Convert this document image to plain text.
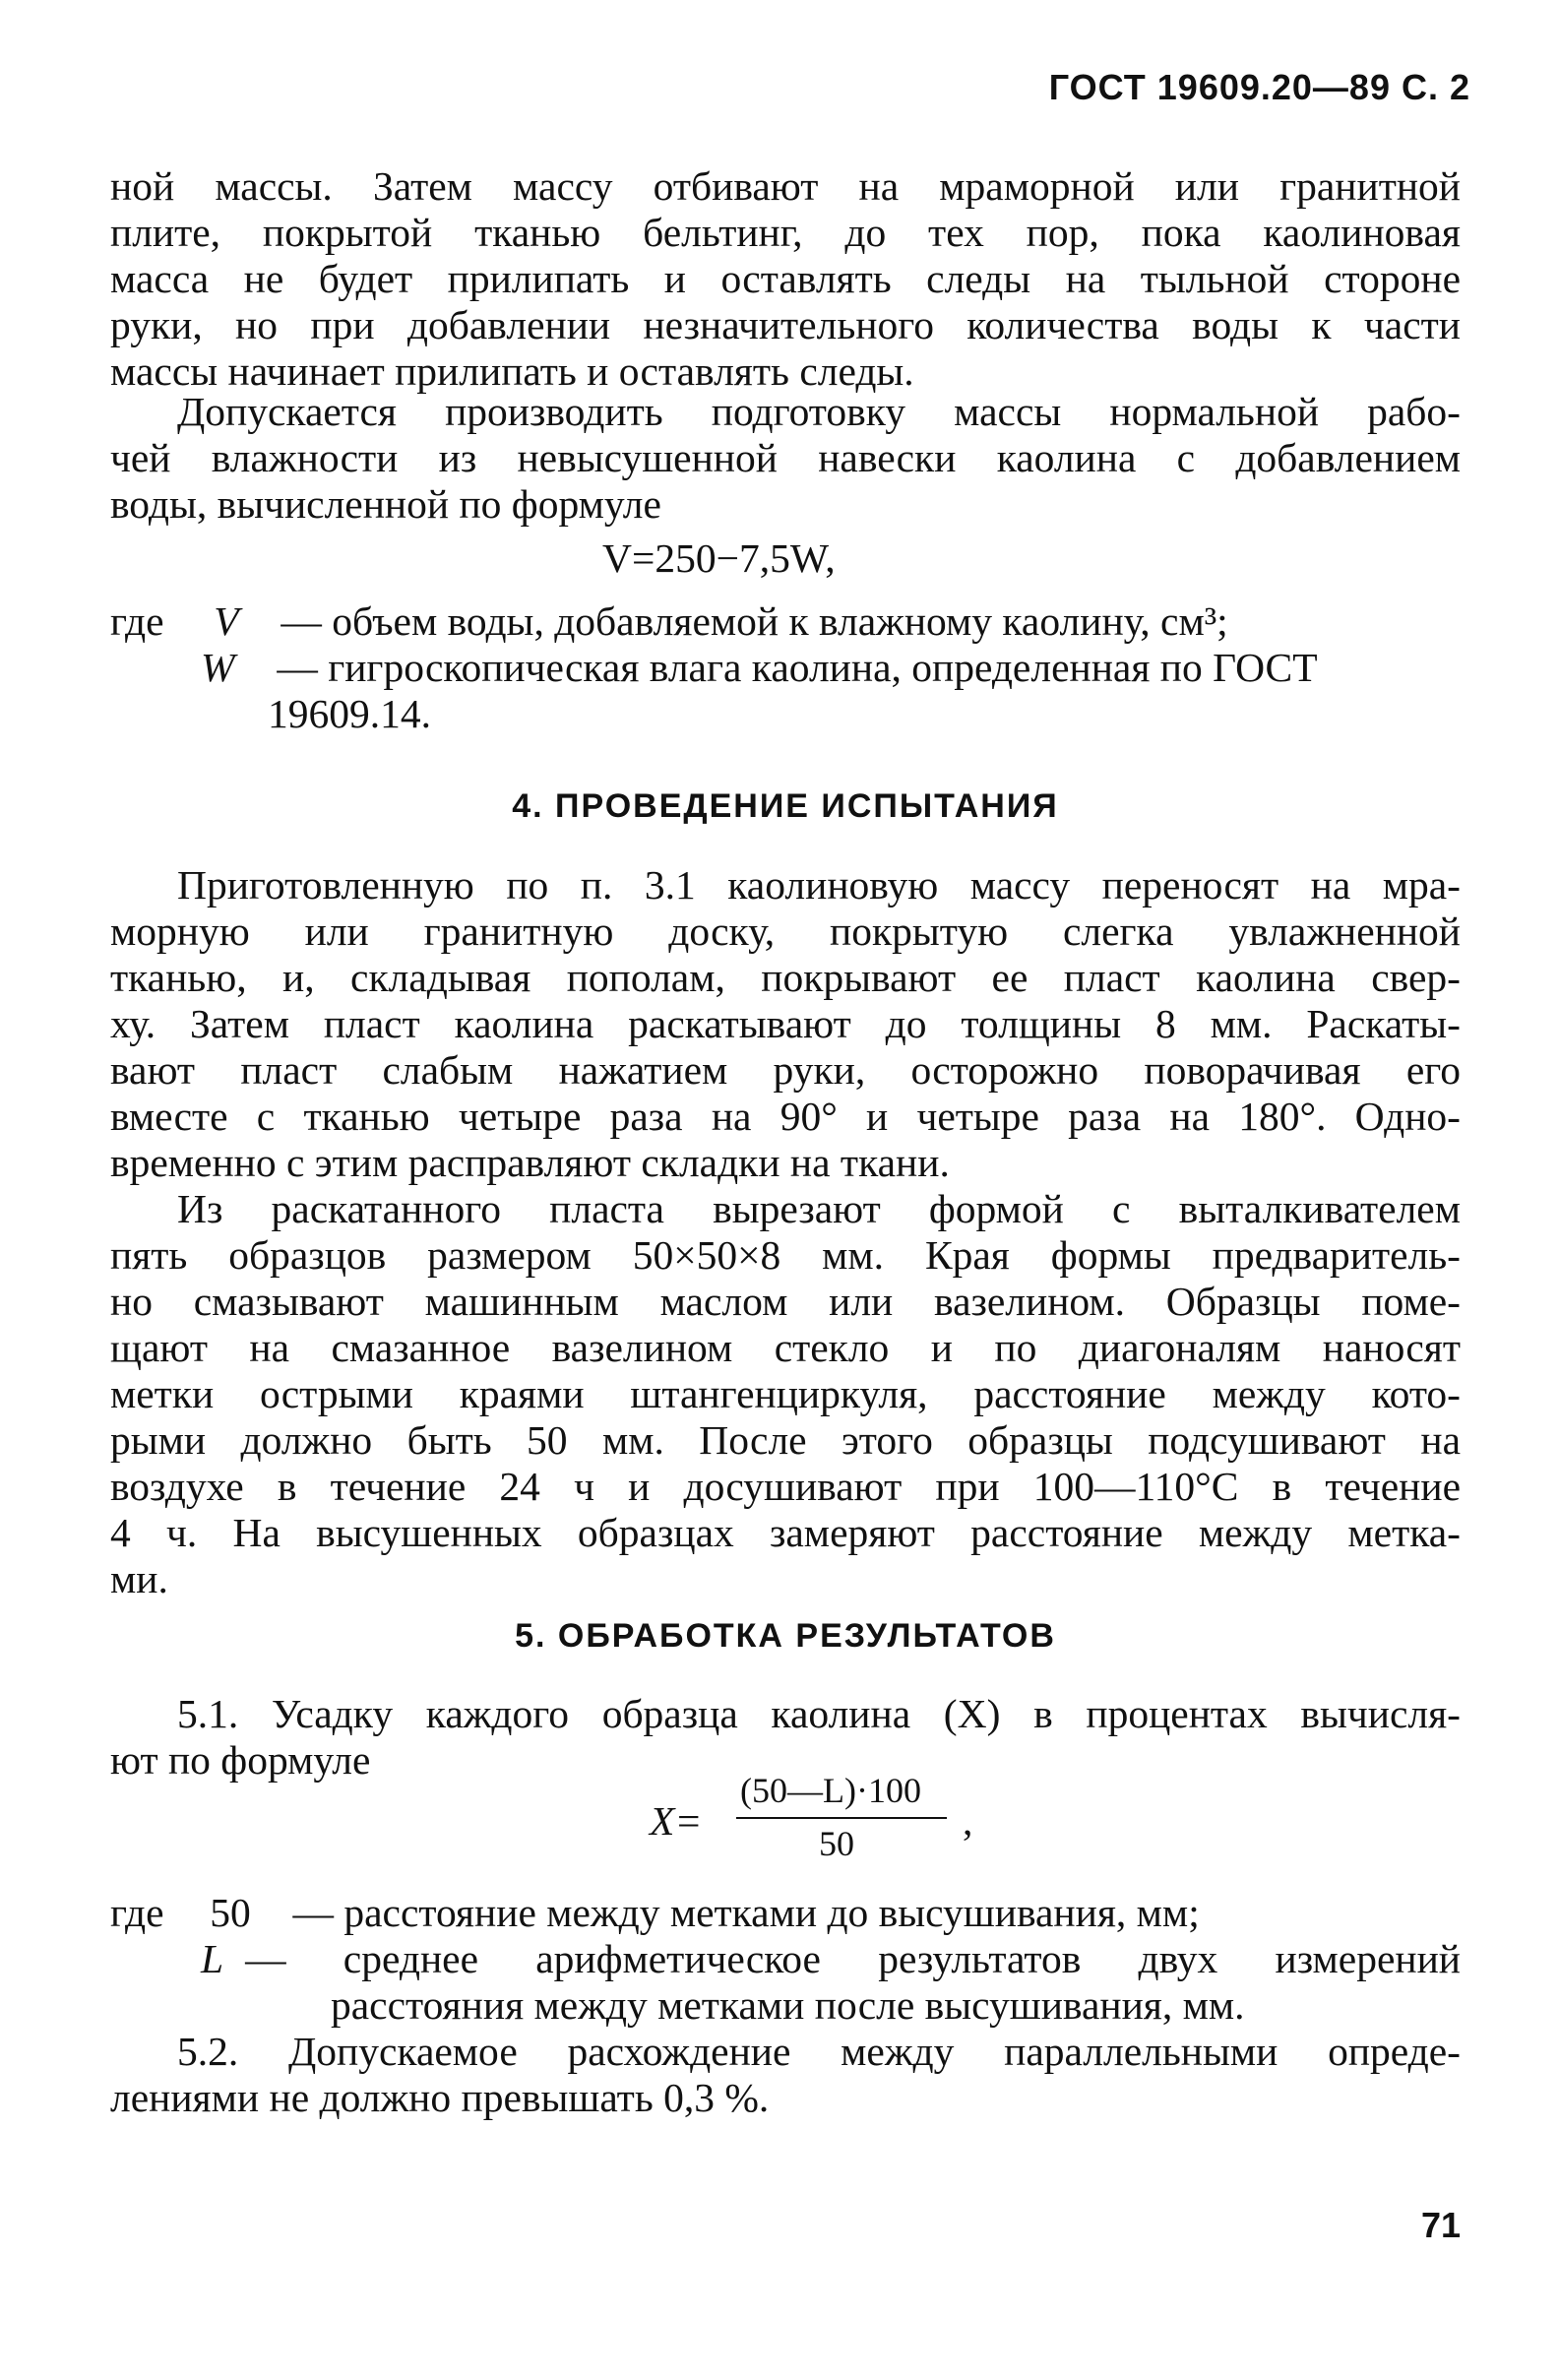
ГОСТ 19609.20—89 С. 2
ной массы. Затем массу отбивают на мраморной или гранитной
плите, покрытой тканью бельтинг, до тех пор, пока каолиновая
масса не будет прилипать и оставлять следы на тыльной стороне
руки, но при добавлении незначительного количества воды к части
массы начинает прилипать и оставлять следы.
Допускается производить подготовку массы нормальной рабо-
чей влажности из невысушенной навески каолина с добавлением
воды, вычисленной по формуле
V=250−7,5W,
где V — объем воды, добавляемой к влажному каолину, см³;
W — гигроскопическая влага каолина, определенная по ГОСТ
19609.14.
4. ПРОВЕДЕНИЕ ИСПЫТАНИЯ
Приготовленную по п. 3.1 каолиновую массу переносят на мра-
морную или гранитную доску, покрытую слегка увлажненной
тканью, и, складывая пополам, покрывают ее пласт каолина свер-
ху. Затем пласт каолина раскатывают до толщины 8 мм. Раскаты-
вают пласт слабым нажатием руки, осторожно поворачивая его
вместе с тканью четыре раза на 90° и четыре раза на 180°. Одно-
временно с этим расправляют складки на ткани.
Из раскатанного пласта вырезают формой с выталкивателем
пять образцов размером 50×50×8 мм. Края формы предваритель-
но смазывают машинным маслом или вазелином. Образцы поме-
щают на смазанное вазелином стекло и по диагоналям наносят
метки острыми краями штангенциркуля, расстояние между кото-
рыми должно быть 50 мм. После этого образцы подсушивают на
воздухе в течение 24 ч и досушивают при 100—110°С в течение
4 ч. На высушенных образцах замеряют расстояние между метка-
ми.
5. ОБРАБОТКА РЕЗУЛЬТАТОВ
5.1. Усадку каждого образца каолина (X) в процентах вычисля-
ют по формуле
X=
(50—L)·100
50	,
где 50 — расстояние между метками до высушивания, мм;
L — среднее арифметическое результатов двух измерений
расстояния между метками после высушивания, мм.
5.2. Допускаемое расхождение между параллельными опреде-
лениями не должно превышать 0,3 %.
71
